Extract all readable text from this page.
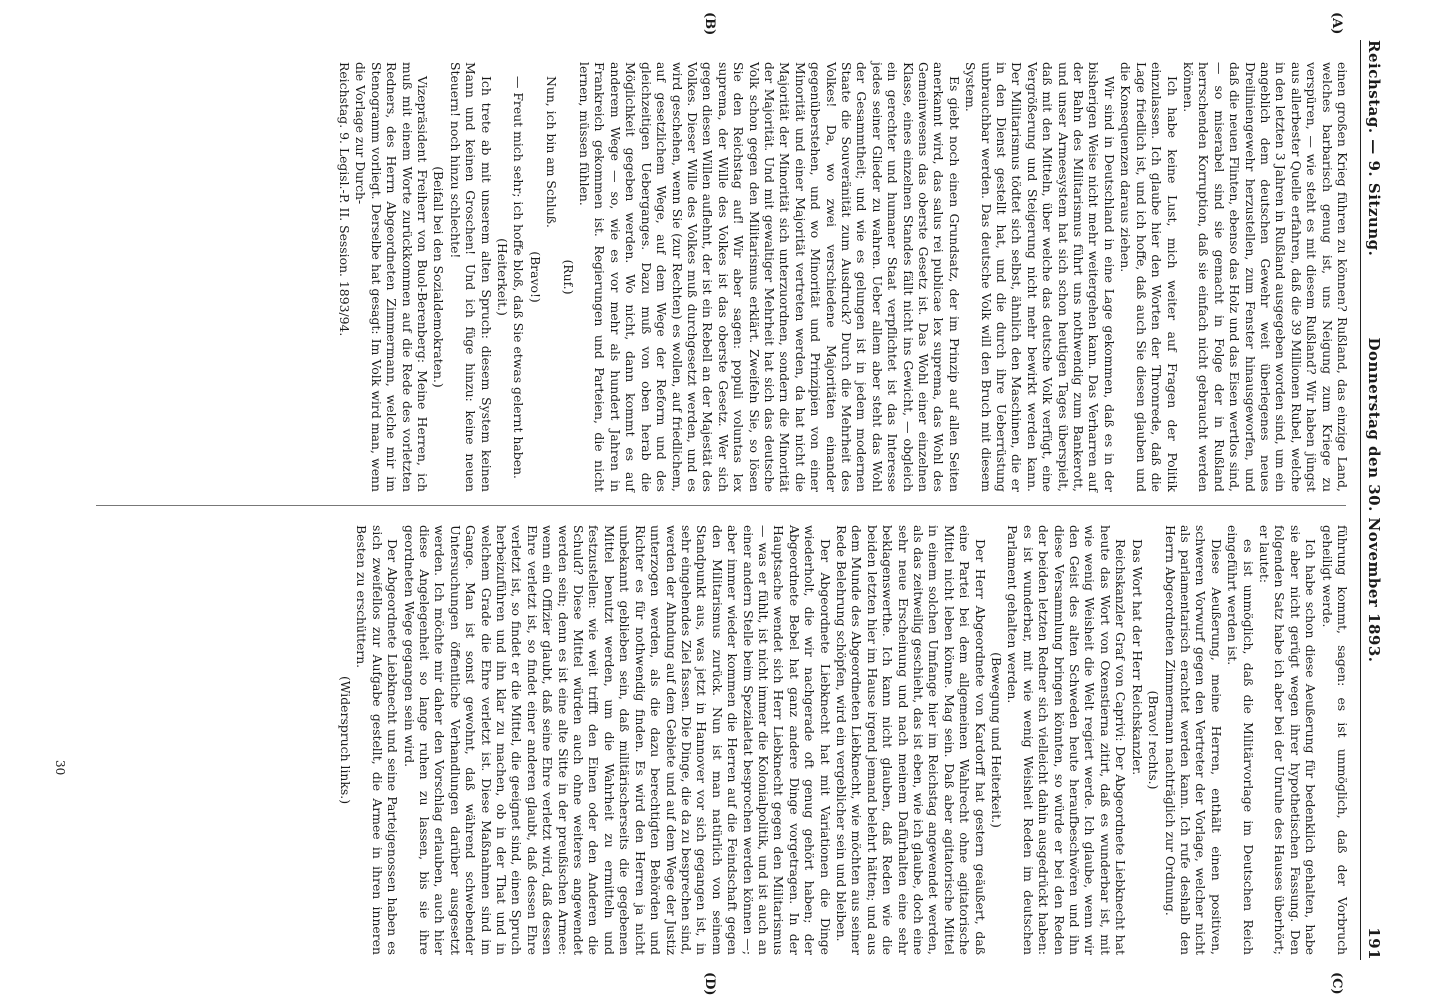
Reichstag. — 9. Sitzung.
Donnerstag den 30. November 1893.
191
(A)
(B)
(C)
(D)

einen großen Krieg führen zu können? Rußland, das einzige Land, welches barbarisch genug ist, uns Neigung zum Kriege zu verspüren, — wie steht es mit diesem Rußland? Wir haben jüngst aus allerbester Quelle erfahren, daß die 39 Millionen Rubel, welche in den letzten 3 Jahren in Rußland ausgegeben worden sind, um ein angeblich dem deutschen Gewehr weit überlegenes neues Dreiliniengewehr herzustellen, zum Fenster hinausgeworfen, und daß die neuen Flinten, ebenso das Holz und das Eisen wertlos sind, — so miserabel sind sie gemacht in Folge der in Rußland herrschenden Korruption, daß sie einfach nicht gebraucht werden können.

Ich habe keine Lust, mich weiter auf Fragen der Politik einzulassen. Ich glaube hier den Worten der Thronrede, daß die Lage friedlich ist, und ich hoffe, daß auch Sie diesen glauben und die Konsequenzen daraus ziehen.

Wir sind in Deutschland in eine Lage gekommen, daß es in der bisherigen Weise nicht mehr weitergehen kann. Das Verharren auf der Bahn des Militarismus führt uns nothwendig zum Bankerott, und unser Armeesystem hat sich schon heutigen Tages überspielt, daß mit den Mitteln, über welche das deutsche Volk verfügt, eine Vergrößerung und Steigerung nicht mehr bewirkt werden kann. Der Militarismus tödtet sich selbst, ähnlich den Maschinen, die er in den Dienst gestellt hat, und die durch ihre Ueberrüstung unbrauchbar werden. Das deutsche Volk will den Bruch mit diesem System.

Es giebt noch einen Grundsatz, der im Prinzip auf allen Seiten anerkannt wird, das salus rei publicae lex suprema, das Wohl des Gemeinwesens das oberste Gesetz ist. Das Wohl einer einzelnen Klasse, eines einzelnen Standes fällt nicht ins Gewicht, — obgleich ein gerechter und humaner Staat verpflichtet ist das Interesse jedes seiner Glieder zu wahren. Ueber allem aber steht das Wohl der Gesammtheit; und wie es gelungen ist in jedem modernen Staate die Souveränität zum Ausdruck? Durch die Mehrheit des Volkes! Da, wo zwei verschiedene Majoritäten einander gegenüberstehen, und wo Minorität und Prinzipien von einer Minorität und einer Majorität vertreten werden, da hat nicht die Majorität der Minorität sich unterzuordnen, sondern die Minorität der Majorität. Und mit gewaltiger Mehrheit hat sich das deutsche Volk schon gegen den Militarismus erklärt. Zweifeln Sie, so lösen Sie den Reichstag auf! Wir aber sagen: populi voluntas lex suprema, der Wille des Volkes ist das oberste Gesetz. Wer sich gegen diesen Willen auflehnt, der ist ein Rebell an der Majestät des Volkes. Dieser Wille des Volkes muß durchgesetzt werden, und es wird geschehen, wenn Sie (zur Rechten) es wollen, auf friedlichem, auf gesetzlichem Wege, auf dem Wege der Reform und des gleichzeitigen Ueberganges. Dazu muß von oben herab die Möglichkeit gegeben werden. Wo nicht, dann kommt es auf anderem Wege — so, wie es vor mehr als hundert Jahren in Frankreich gekommen ist. Regierungen und Parteien, die nicht lernen, müssen fühlen.

(Ruf.)

Nun, ich bin am Schluß.

(Bravo!)

— Freut mich sehr; ich hoffe bloß, daß Sie etwas gelernt haben.

(Heiterkeit.)

Ich trete ab mit unserem alten Spruch: diesem System keinen Mann und keinen Groschen! Und ich füge hinzu: keine neuen Steuern! noch hinzu schlechte!

(Beifall bei den Sozialdemokraten.)

Vizepräsident Freiherr von Buol-Berenberg: Meine Herren, ich muß mit einem Worte zurückkommen auf die Rede des vorletzten Redners, des Herrn Abgeordneten Zimmermann, welche mir im Stenogramm vorliegt. Derselbe hat gesagt: Im Volk wird man, wenn die Vorlage zur Durch-

Reichstag. 9. Legisl.-P. II. Session. 1893/94.

führung kommt, sagen: es ist unmöglich, daß der Vorbruch geheiligt werde.

Ich habe schon diese Aeußerung für bedenklich gehalten, habe sie aber nicht gerügt wegen ihrer hypothetischen Fassung. Den folgenden Satz habe ich aber bei der Unruhe des Hauses überhört; er lautet:

es ist unmöglich, daß die Militärvorlage im Deutschen Reich eingeführt werden ist.

Diese Aeußerung, meine Herren, enthält einen positiven, schweren Vorwurf gegen den Vertreter der Vorlage, welcher nicht als parlamentarisch erachtet werden kann. Ich rufe deshalb den Herrn Abgeordneten Zimmermann nachträglich zur Ordnung.

(Bravo! rechts.)

Das Wort hat der Herr Reichskanzler.

Reichskanzler Graf von Caprivi: Der Abgeordnete Liebknecht hat heute das Wort von Oxenstierna zitirt, daß es wunderbar ist, mit wie wenig Weisheit die Welt regiert werde. Ich glaube, wenn wir den Geist des alten Schweden heute heraufbeschwören und ihn diese Versammlung bringen könnten, so würde er bei den Reden der beiden letzten Redner sich vielleicht dahin ausgedrückt haben: es ist wunderbar, mit wie wenig Weisheit Reden im deutschen Parlament gehalten werden.

(Bewegung und Heiterkeit.)

Der Herr Abgeordnete von Kardorff hat gestern geäußert, daß eine Partei bei dem allgemeinen Wahlrecht ohne agitatorische Mittel nicht leben könne. Mag sein. Daß aber agitatorische Mittel in einem solchen Umfange hier im Reichstag angewendet werden, als das zeitweilig geschieht, das ist eben, wie ich glaube, doch eine sehr neue Erscheinung und nach meinem Dafürhalten eine sehr beklagenswerthe. Ich kann nicht glauben, daß Reden wie die beiden letzten hier im Hause irgend jemand belehrt hätten; und aus dem Munde des Abgeordneten Liebknecht, wie möchten aus seiner Rede Belehrung schöpfen, wird ein vergeblicher sein und bleiben.

Der Abgeordnete Liebknecht hat mit Variationen die Dinge wiederholt, die wir nachgerade oft genug gehört haben; der Abgeordnete Bebel hat ganz andere Dinge vorgetragen. In der Hauptsache wendet sich Herr Liebknecht gegen den Militarismus — was er fühlt, ist nicht immer die Kolonialpolitik, und ist auch an einer andern Stelle beim Spezialetat besprochen werden können —; aber immer wieder kommen die Herren auf die Feindschaft gegen den Militarismus zurück. Nun ist man natürlich von seinem Standpunkt aus, was jetzt in Hannover vor sich gegangen ist, in sehr eingehendes Ziel fassen. Die Dinge, die da zu besprechen sind, werden der Ahndung auf dem Gebiete und auf dem Wege der Justiz unterzogen werden, als die dazu berechtigten Behörden und Richter es für nothwendig finden. Es wird den Herren ja nicht unbekannt geblieben sein, daß militärischerseits die gegebenen Mittel benutzt werden, um die Wahrheit zu ermitteln und festzustellen: wie weit trifft den Einen oder den Anderen die Schuld? Diese Mittel würden auch ohne weiteres angewendet werden sein; denn es ist eine alte Sitte in der preußischen Armee: wenn ein Offizier glaubt, daß seine Ehre verletzt wird, daß dessen Ehre verletzt ist, so findet einer anderen glaubt, daß dessen Ehre verletzt ist, so findet er die Mittel, die geeignet sind, einen Spruch herbeizuführen und ihn klar zu machen, ob in der That und in welchem Grade die Ehre verletzt ist. Diese Maßnahmen sind im Gange. Man ist sonst gewohnt, daß während schwebender Untersuchungen öffentliche Verhandlungen darüber ausgesetzt werden. Ich möchte mir daher den Vorschlag erlauben, auch hier diese Angelegenheit so lange ruhen zu lassen, bis sie ihre geordneten Wege gegangen sein wird.

Der Abgeordnete Liebknecht und seine Parteigenossen haben es sich zweifellos zur Aufgabe gestellt, die Armee in ihren inneren Besten zu erschüttern.

(Widerspruch links.)

30
